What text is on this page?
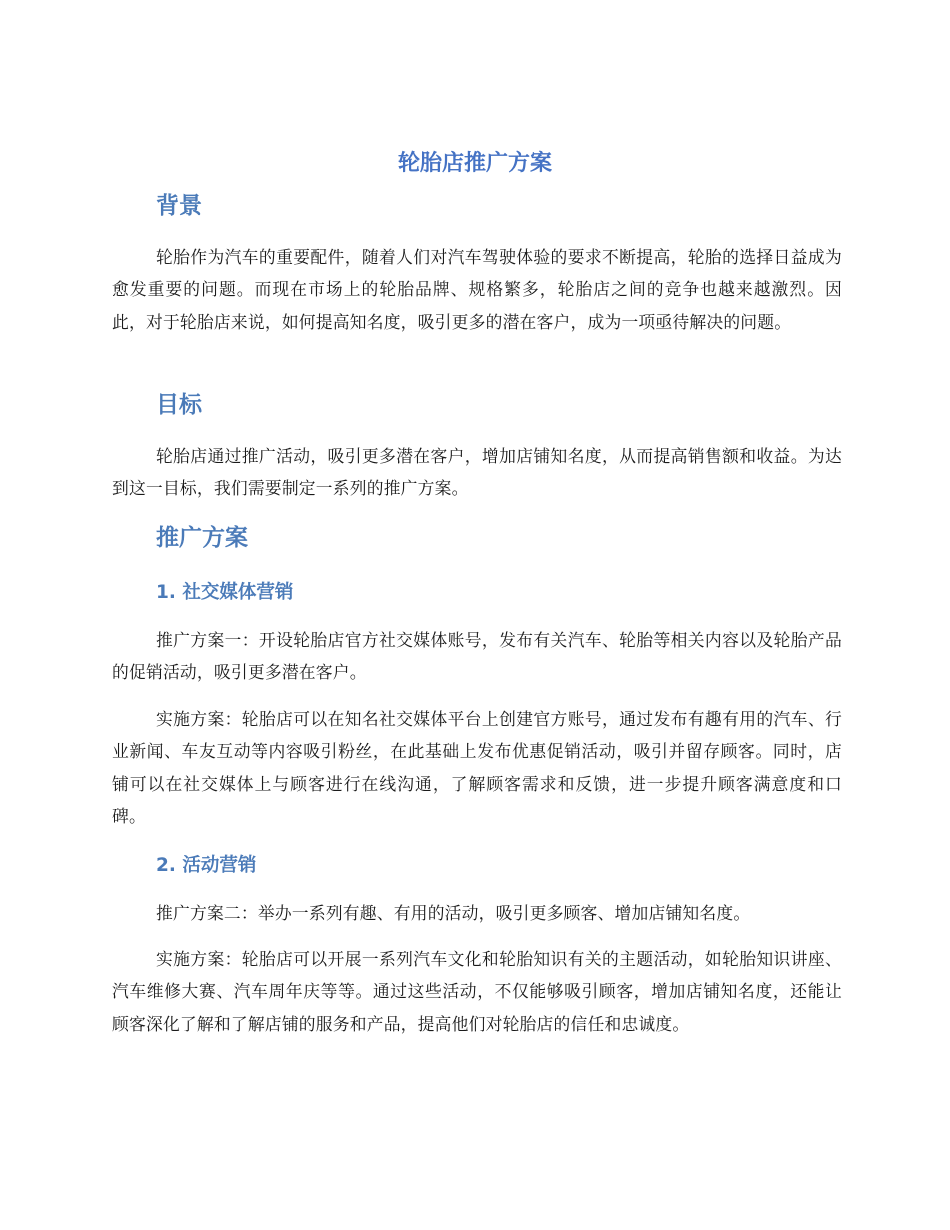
轮胎店推广方案
背景

轮胎作为汽车的重要配件，随着人们对汽车驾驶体验的要求不断提高，轮胎的选择日益成为愈发重要的问题。而现在市场上的轮胎品牌、规格繁多，轮胎店之间的竞争也越来越激烈。因此，对于轮胎店来说，如何提高知名度，吸引更多的潜在客户，成为一项亟待解决的问题。

目标

轮胎店通过推广活动，吸引更多潜在客户，增加店铺知名度，从而提高销售额和收益。为达到这一目标，我们需要制定一系列的推广方案。

推广方案
1. 社交媒体营销

推广方案一：开设轮胎店官方社交媒体账号，发布有关汽车、轮胎等相关内容以及轮胎产品的促销活动，吸引更多潜在客户。

实施方案：轮胎店可以在知名社交媒体平台上创建官方账号，通过发布有趣有用的汽车、行业新闻、车友互动等内容吸引粉丝，在此基础上发布优惠促销活动，吸引并留存顾客。同时，店铺可以在社交媒体上与顾客进行在线沟通，了解顾客需求和反馈，进一步提升顾客满意度和口碑。

2. 活动营销

推广方案二：举办一系列有趣、有用的活动，吸引更多顾客、增加店铺知名度。

实施方案：轮胎店可以开展一系列汽车文化和轮胎知识有关的主题活动，如轮胎知识讲座、汽车维修大赛、汽车周年庆等等。通过这些活动，不仅能够吸引顾客，增加店铺知名度，还能让顾客深化了解和了解店铺的服务和产品，提高他们对轮胎店的信任和忠诚度。
